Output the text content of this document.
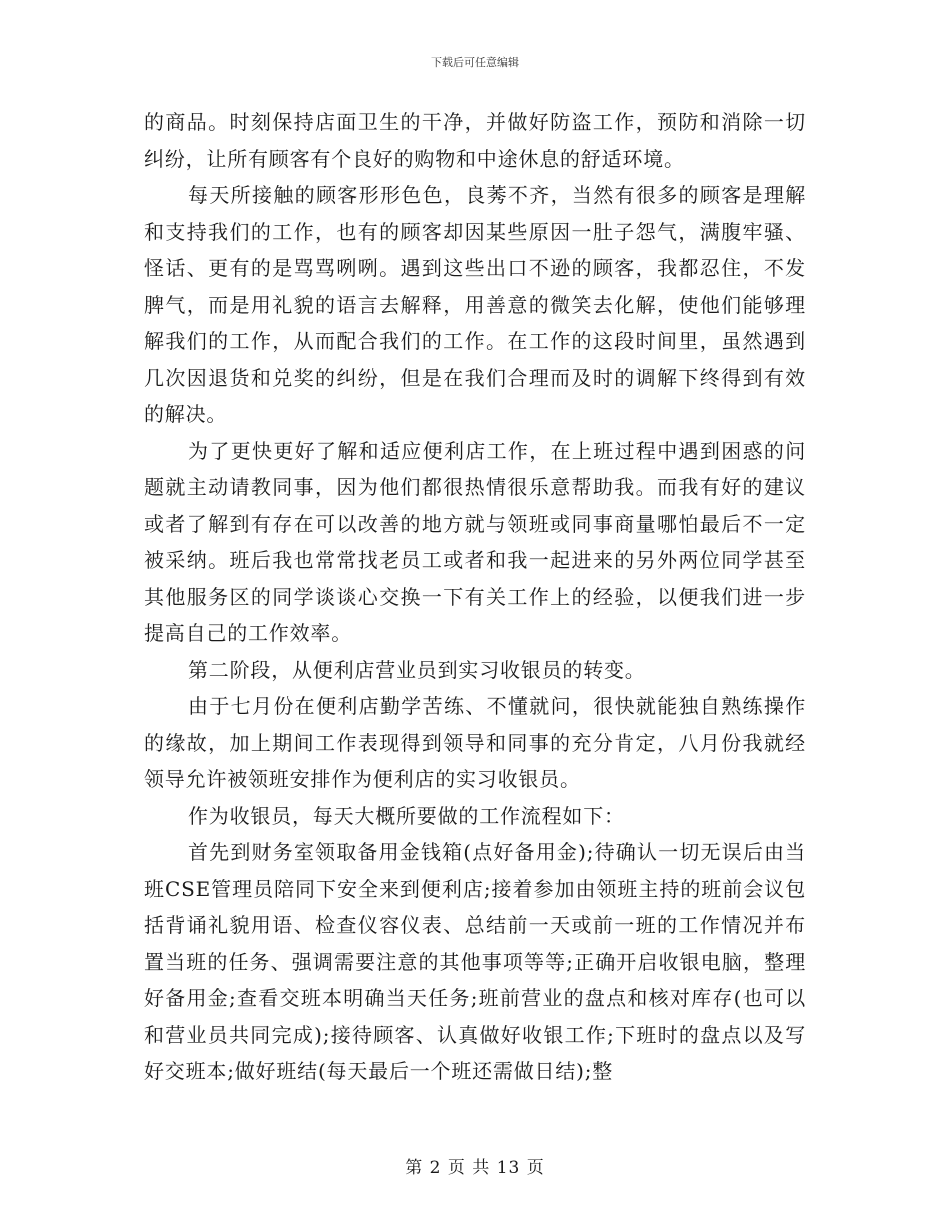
下载后可任意编辑

的商品。时刻保持店面卫生的干净，并做好防盗工作，预防和消除一切纠纷，让所有顾客有个良好的购物和中途休息的舒适环境。

每天所接触的顾客形形色色，良莠不齐，当然有很多的顾客是理解和支持我们的工作，也有的顾客却因某些原因一肚子怨气，满腹牢骚、怪话、更有的是骂骂咧咧。遇到这些出口不逊的顾客，我都忍住，不发脾气，而是用礼貌的语言去解释，用善意的微笑去化解，使他们能够理解我们的工作，从而配合我们的工作。在工作的这段时间里，虽然遇到几次因退货和兑奖的纠纷，但是在我们合理而及时的调解下终得到有效的解决。

为了更快更好了解和适应便利店工作，在上班过程中遇到困惑的问题就主动请教同事，因为他们都很热情很乐意帮助我。而我有好的建议或者了解到有存在可以改善的地方就与领班或同事商量哪怕最后不一定被采纳。班后我也常常找老员工或者和我一起进来的另外两位同学甚至其他服务区的同学谈谈心交换一下有关工作上的经验，以便我们进一步提高自己的工作效率。

第二阶段，从便利店营业员到实习收银员的转变。

由于七月份在便利店勤学苦练、不懂就问，很快就能独自熟练操作的缘故，加上期间工作表现得到领导和同事的充分肯定，八月份我就经领导允许被领班安排作为便利店的实习收银员。

作为收银员，每天大概所要做的工作流程如下：

首先到财务室领取备用金钱箱(点好备用金);待确认一切无误后由当班CSE管理员陪同下安全来到便利店;接着参加由领班主持的班前会议包括背诵礼貌用语、检查仪容仪表、总结前一天或前一班的工作情况并布置当班的任务、强调需要注意的其他事项等等;正确开启收银电脑，整理好备用金;查看交班本明确当天任务;班前营业的盘点和核对库存(也可以和营业员共同完成);接待顾客、认真做好收银工作;下班时的盘点以及写好交班本;做好班结(每天最后一个班还需做日结);整

第 2 页 共 13 页
